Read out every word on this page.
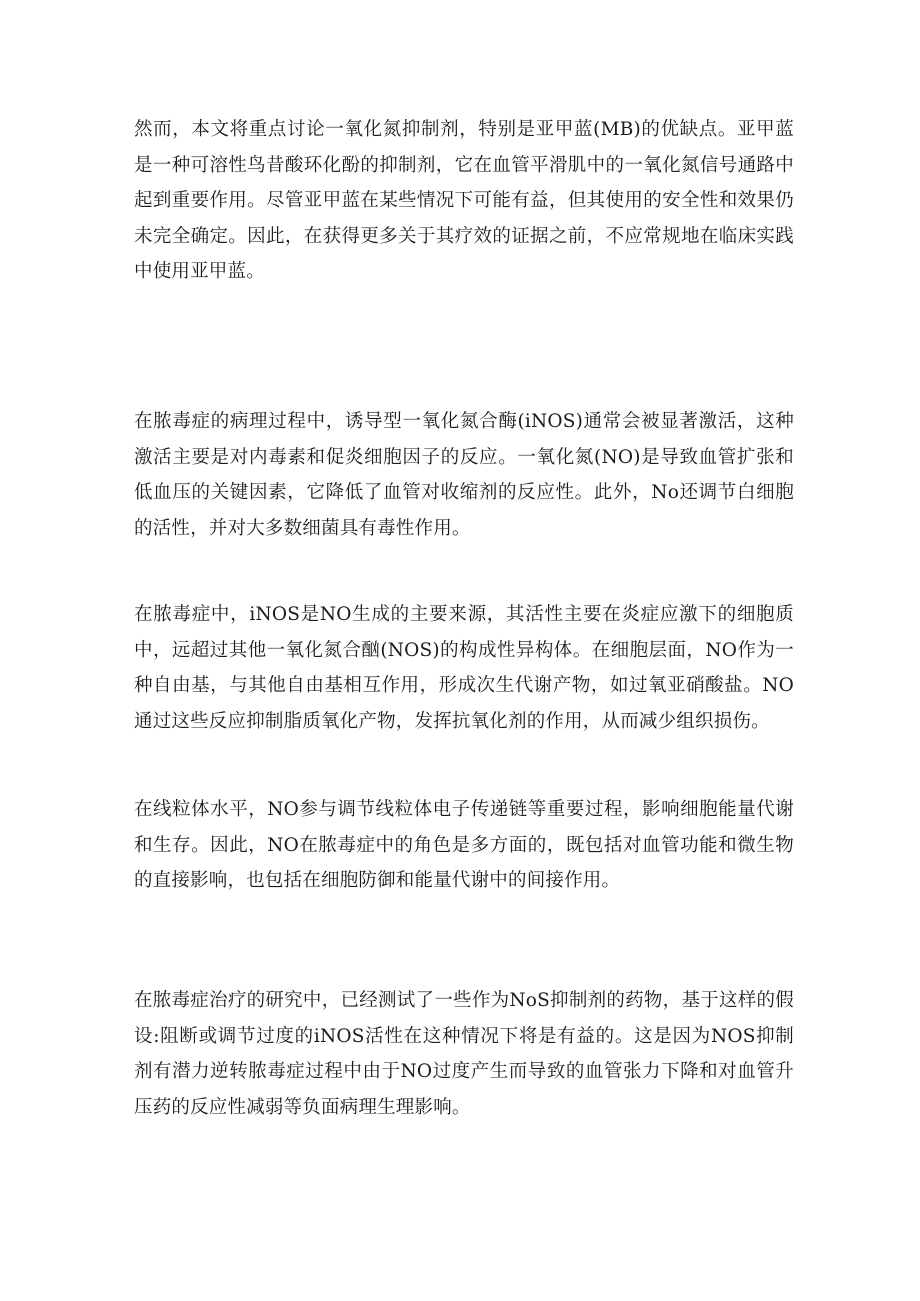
然而，本文将重点讨论一氧化氮抑制剂，特别是亚甲蓝(MB)的优缺点。亚甲蓝是一种可溶性鸟昔酸环化酚的抑制剂，它在血管平滑肌中的一氧化氮信号通路中起到重要作用。尽管亚甲蓝在某些情况下可能有益，但其使用的安全性和效果仍未完全确定。因此，在获得更多关于其疗效的证据之前，不应常规地在临床实践中使用亚甲蓝。

在脓毒症的病理过程中，诱导型一氧化氮合酶(iNOS)通常会被显著激活，这种激活主要是对内毒素和促炎细胞因子的反应。一氧化氮(NO)是导致血管扩张和低血压的关键因素，它降低了血管对收缩剂的反应性。此外，No还调节白细胞的活性，并对大多数细菌具有毒性作用。

在脓毒症中，iNOS是NO生成的主要来源，其活性主要在炎症应激下的细胞质中，远超过其他一氧化氮合酗(NOS)的构成性异构体。在细胞层面，NO作为一种自由基，与其他自由基相互作用，形成次生代谢产物，如过氧亚硝酸盐。NO通过这些反应抑制脂质氧化产物，发挥抗氧化剂的作用，从而减少组织损伤。

在线粒体水平，NO参与调节线粒体电子传递链等重要过程，影响细胞能量代谢和生存。因此，NO在脓毒症中的角色是多方面的，既包括对血管功能和微生物的直接影响，也包括在细胞防御和能量代谢中的间接作用。

在脓毒症治疗的研究中，已经测试了一些作为NoS抑制剂的药物，基于这样的假设:阻断或调节过度的iNOS活性在这种情况下将是有益的。这是因为NOS抑制剂有潜力逆转脓毒症过程中由于NO过度产生而导致的血管张力下降和对血管升压药的反应性减弱等负面病理生理影响。
